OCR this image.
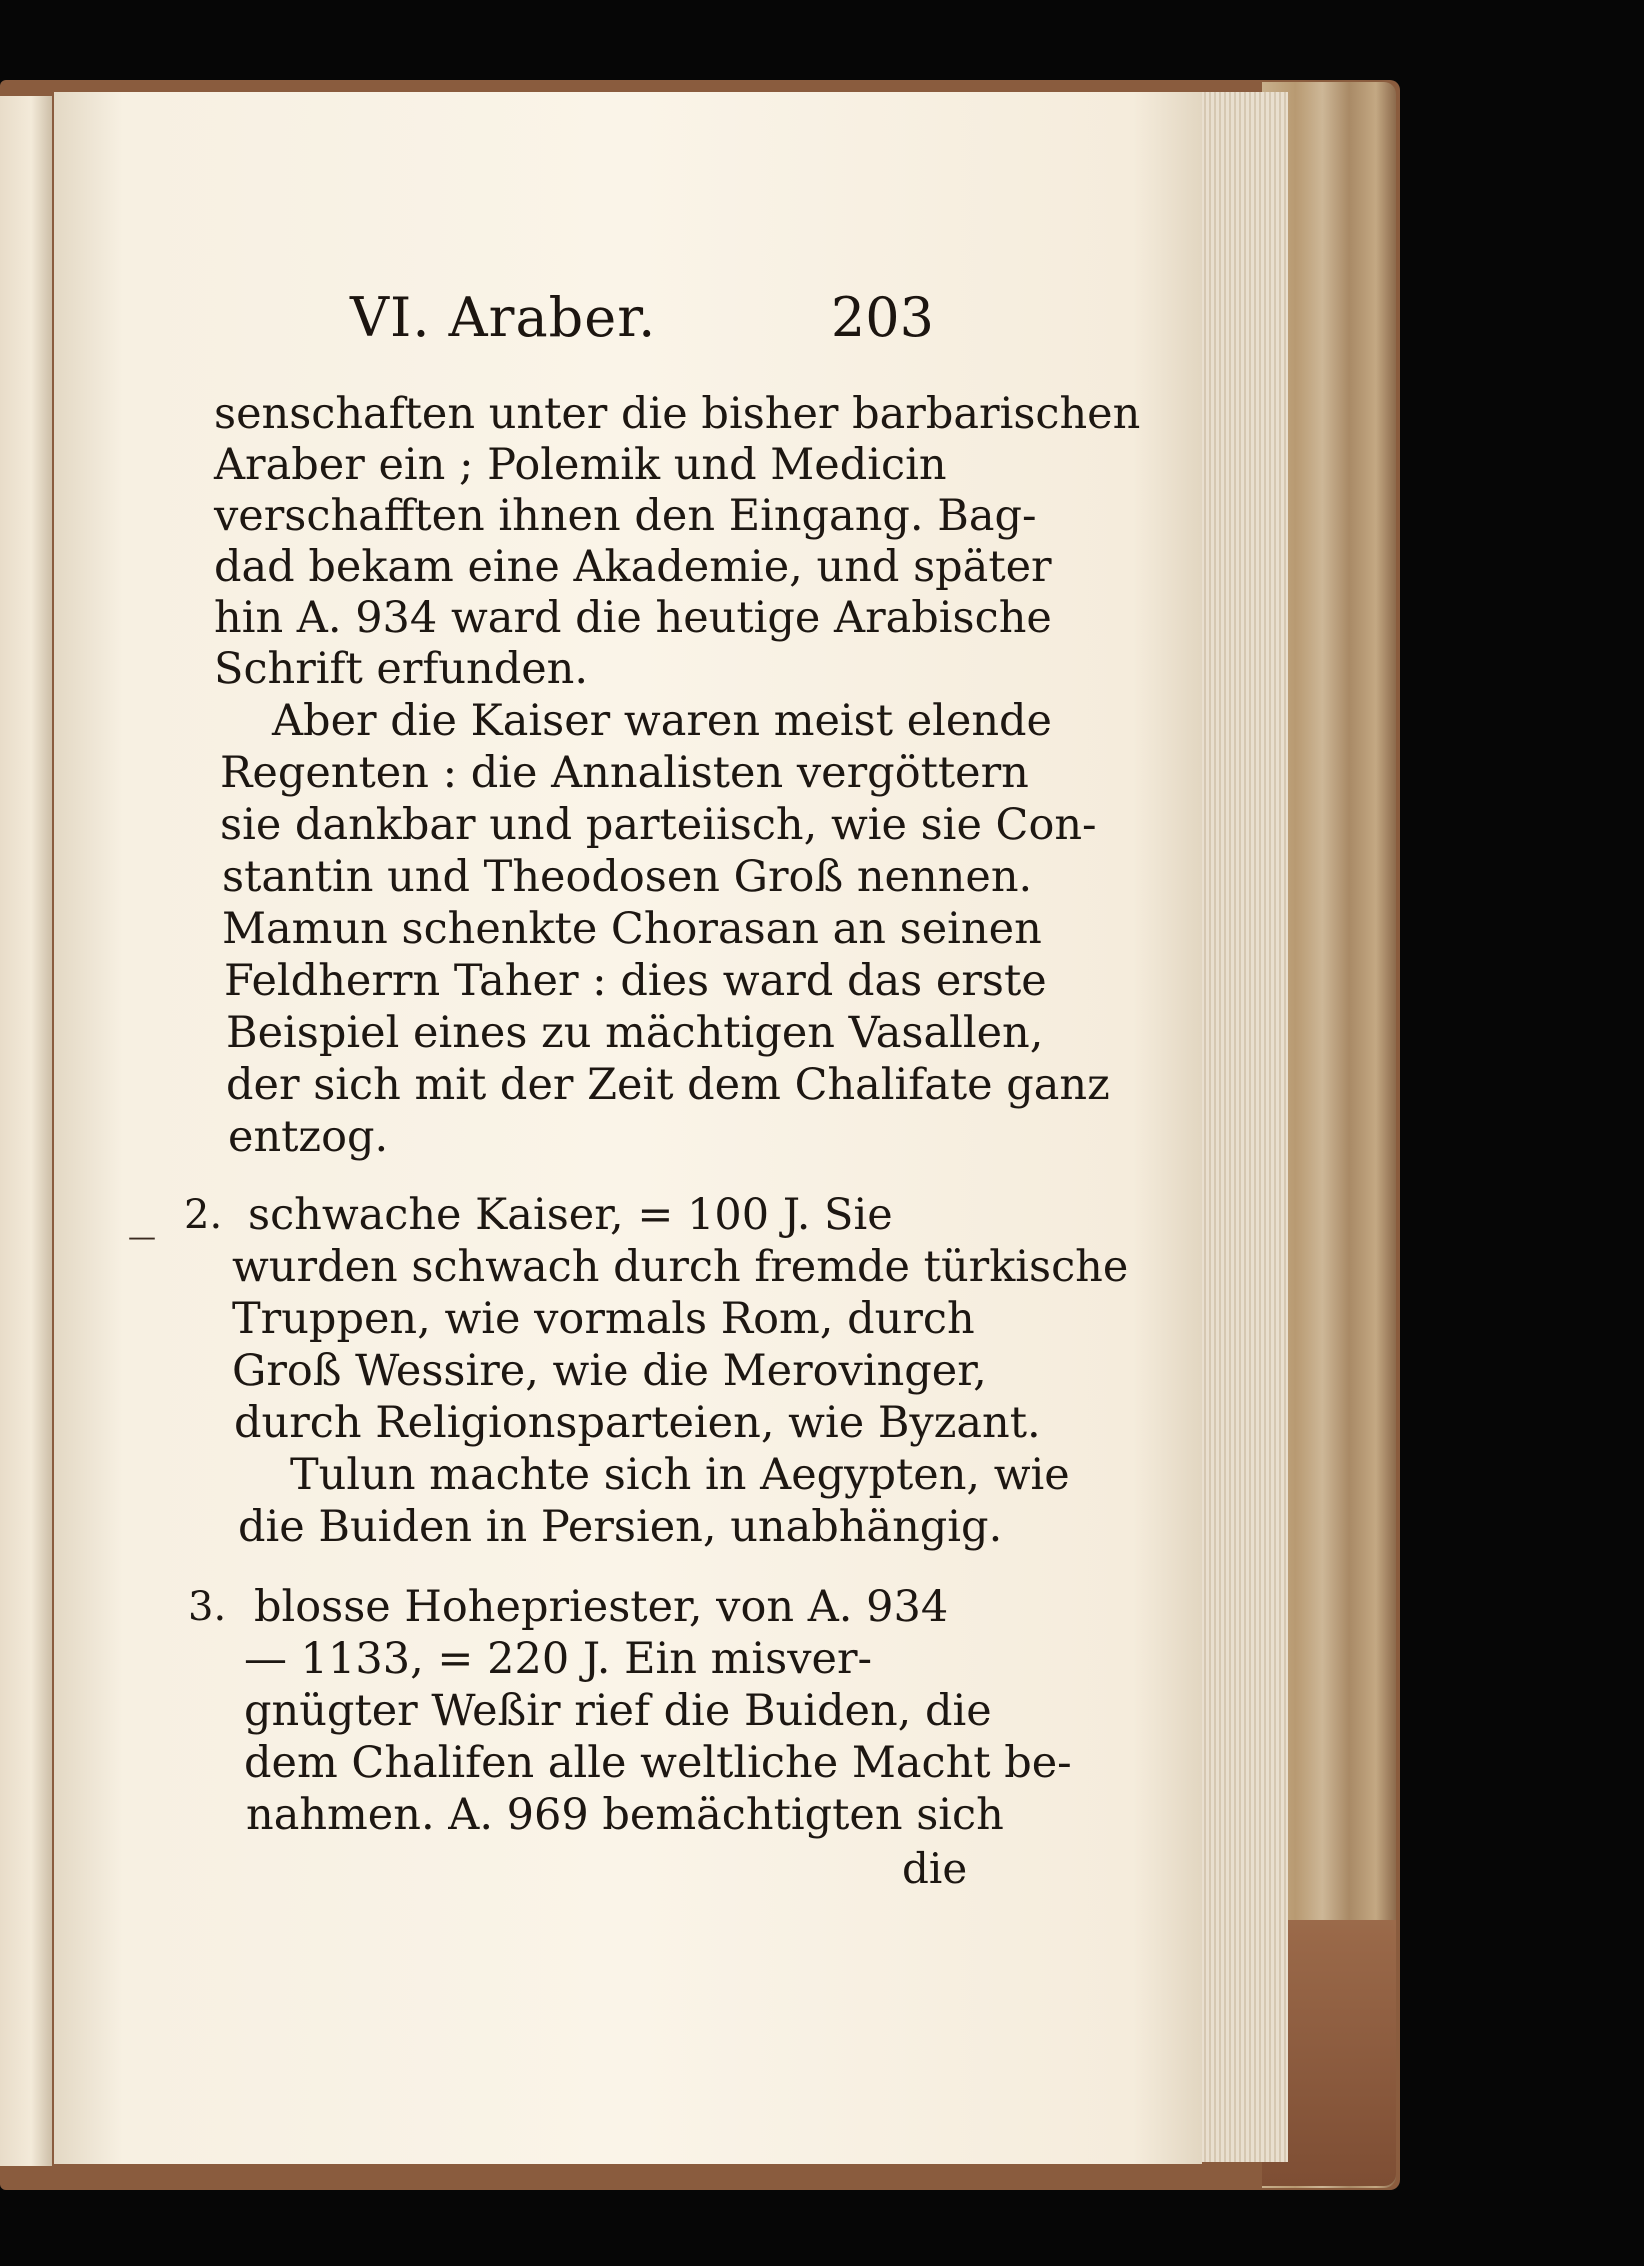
VI. Araber.	203
senschaften unter die bisher barbarischen
Araber ein ; Polemik und Medicin
verschafften ihnen den Eingang. Bag-
dad bekam eine Akademie, und später
hin A. 934 ward die heutige Arabische
Schrift erfunden.
Aber die Kaiser waren meist elende
Regenten : die Annalisten vergöttern
sie dankbar und parteiisch, wie sie Con-
stantin und Theodosen Groß nennen.
Mamun schenkte Chorasan an seinen
Feldherrn Taher : dies ward das erste
Beispiel eines zu mächtigen Vasallen,
der sich mit der Zeit dem Chalifate ganz
entzog.
— 2. schwache Kaiser, = 100 J. Sie
wurden schwach durch fremde türkische
Truppen, wie vormals Rom, durch
Groß Wessire, wie die Merovinger,
durch Religionsparteien, wie Byzant.
Tulun machte sich in Aegypten, wie
die Buiden in Persien, unabhängig.
3. blosse Hohepriester, von A. 934
— 1133, = 220 J. Ein misver-
gnügter Weßir rief die Buiden, die
dem Chalifen alle weltliche Macht be-
nahmen. A. 969 bemächtigten sich
die
